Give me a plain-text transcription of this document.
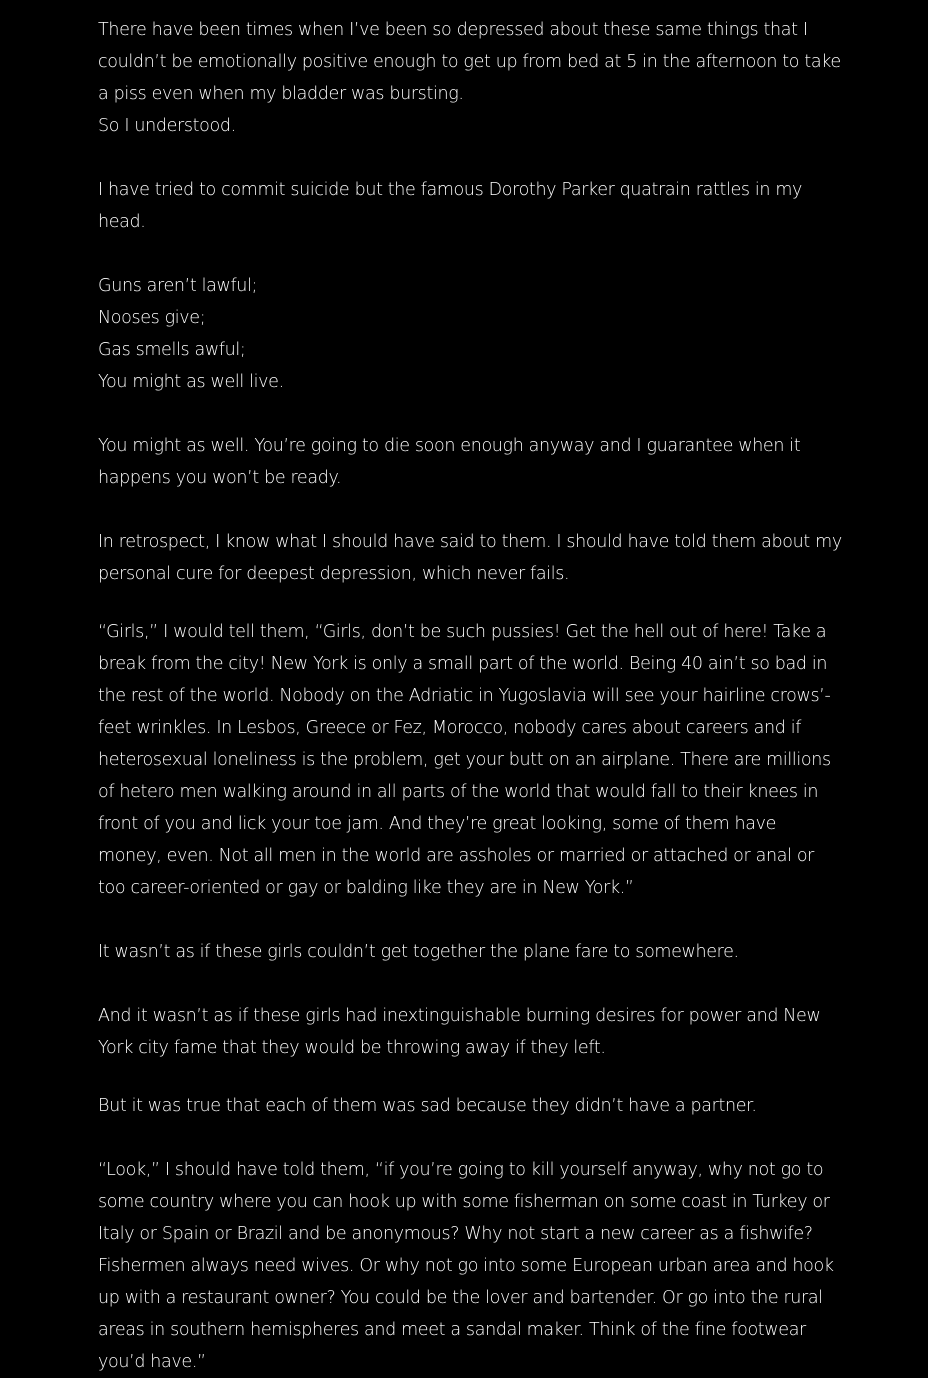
There have been times when I’ve been so depressed about these same things that I couldn’t be emotionally positive enough to get up from bed at 5 in the afternoon to take a piss even when my bladder was bursting.

So I understood.

I have tried to commit suicide but the famous Dorothy Parker quatrain rattles in my head.

Guns aren’t lawful;

Nooses give;

Gas smells awful;

You might as well live.

You might as well. You’re going to die soon enough anyway and I guarantee when it happens you won’t be ready.

In retrospect, I know what I should have said to them. I should have told them about my personal cure for deepest depression, which never fails.

“Girls,” I would tell them, “Girls, don’t be such pussies! Get the hell out of here! Take a break from the city! New York is only a small part of the world. Being 40 ain’t so bad in the rest of the world. Nobody on the Adriatic in Yugoslavia will see your hairline crows’-feet wrinkles. In Lesbos, Greece or Fez, Morocco, nobody cares about careers and if heterosexual loneliness is the problem, get your butt on an airplane. There are millions of hetero men walking around in all parts of the world that would fall to their knees in front of you and lick your toe jam. And they’re great looking, some of them have money, even. Not all men in the world are assholes or married or attached or anal or too career-oriented or gay or balding like they are in New York.”

It wasn’t as if these girls couldn’t get together the plane fare to somewhere.

And it wasn’t as if these girls had inextinguishable burning desires for power and New York city fame that they would be throwing away if they left.

But it was true that each of them was sad because they didn’t have a partner.

“Look,” I should have told them, “if you’re going to kill yourself anyway, why not go to some country where you can hook up with some fisherman on some coast in Turkey or Italy or Spain or Brazil and be anonymous? Why not start a new career as a fishwife? Fishermen always need wives. Or why not go into some European urban area and hook up with a restaurant owner? You could be the lover and bartender. Or go into the rural areas in southern hemispheres and meet a sandal maker. Think of the fine footwear you’d have.”
